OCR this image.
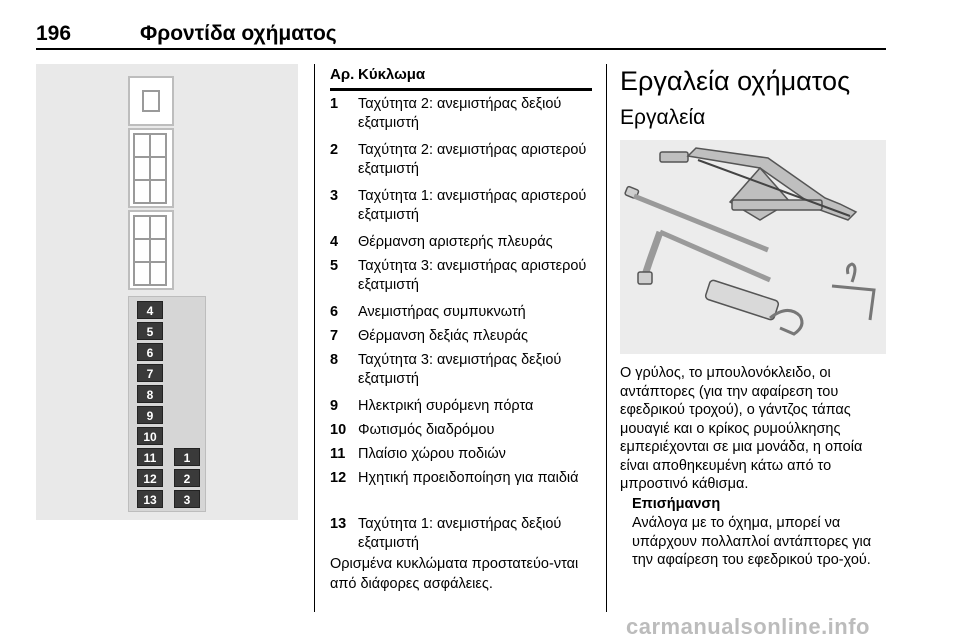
196	Φροντίδα οχήματος
4
5
6
7
8
9
10
11
12
13
1
2
3
Αρ. Κύκλωμα
1 Ταχύτητα 2: ανεμιστήρας δεξιού εξατμιστή
2 Ταχύτητα 2: ανεμιστήρας αριστερού εξατμιστή
3 Ταχύτητα 1: ανεμιστήρας αριστερού εξατμιστή
4 Θέρμανση αριστερής πλευράς
5 Ταχύτητα 3: ανεμιστήρας αριστερού εξατμιστή
6 Ανεμιστήρας συμπυκνωτή
7 Θέρμανση δεξιάς πλευράς
8 Ταχύτητα 3: ανεμιστήρας δεξιού εξατμιστή
9 Ηλεκτρική συρόμενη πόρτα
10 Φωτισμός διαδρόμου
11 Πλαίσιο χώρου ποδιών
12 Ηχητική προειδοποίηση για παιδιά
13 Ταχύτητα 1: ανεμιστήρας δεξιού εξατμιστή
Ορισμένα κυκλώματα προστατεύο-νται από διάφορες ασφάλειες.
Εργαλεία οχήματος
Εργαλεία
Ο γρύλος, το μπουλονόκλειδο, οι αντάπτορες (για την αφαίρεση του εφεδρικού τροχού), ο γάντζος τάπας μουαγιέ και ο κρίκος ρυμούλκησης εμπεριέχονται σε μια μονάδα, η οποία είναι αποθηκευμένη κάτω από το μπροστινό κάθισμα.
Επισήμανση
Ανάλογα με το όχημα, μπορεί να υπάρχουν πολλαπλοί αντάπτορες για την αφαίρεση του εφεδρικού τρο-χού.
carmanualsonline.info
